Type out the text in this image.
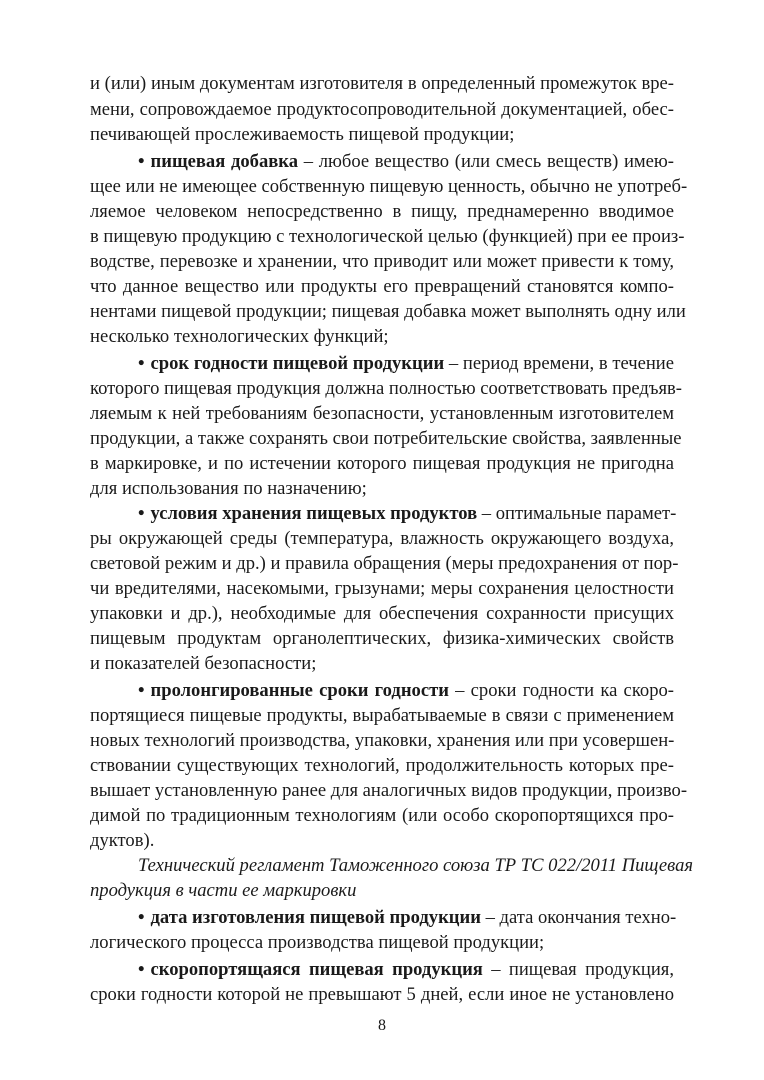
и (или) иным документам изготовителя в определенный промежуток вре-
мени, сопровождаемое продуктосопроводительной документацией, обес-
печивающей прослеживаемость пищевой продукции;
• пищевая добавка – любое вещество (или смесь веществ) имею-
щее или не имеющее собственную пищевую ценность, обычно не употреб-
ляемое человеком непосредственно в пищу, преднамеренно вводимое
в пищевую продукцию с технологической целью (функцией) при ее произ-
водстве, перевозке и хранении, что приводит или может привести к тому,
что данное вещество или продукты его превращений становятся компо-
нентами пищевой продукции; пищевая добавка может выполнять одну или
несколько технологических функций;
• срок годности пищевой продукции – период времени, в течение
которого пищевая продукция должна полностью соответствовать предъяв-
ляемым к ней требованиям безопасности, установленным изготовителем
продукции, а также сохранять свои потребительские свойства, заявленные
в маркировке, и по истечении которого пищевая продукция не пригодна
для использования по назначению;
• условия хранения пищевых продуктов – оптимальные парамет-
ры окружающей среды (температура, влажность окружающего воздуха,
световой режим и др.) и правила обращения (меры предохранения от пор-
чи вредителями, насекомыми, грызунами; меры сохранения целостности
упаковки и др.), необходимые для обеспечения сохранности присущих
пищевым продуктам органолептических, физика-химических свойств
и показателей безопасности;
• пролонгированные сроки годности – сроки годности ка скоро-
портящиеся пищевые продукты, вырабатываемые в связи с применением
новых технологий производства, упаковки, хранения или при усовершен-
ствовании существующих технологий, продолжительность которых пре-
вышает установленную ранее для аналогичных видов продукции, произво-
димой по традиционным технологиям (или особо скоропортящихся про-
дуктов).
Технический регламент Таможенного союза ТР ТС 022/2011 Пищевая
продукция в части ее маркировки
• дата изготовления пищевой продукции – дата окончания техно-
логического процесса производства пищевой продукции;
• скоропортящаяся пищевая продукция – пищевая продукция,
сроки годности которой не превышают 5 дней, если иное не установлено
8
